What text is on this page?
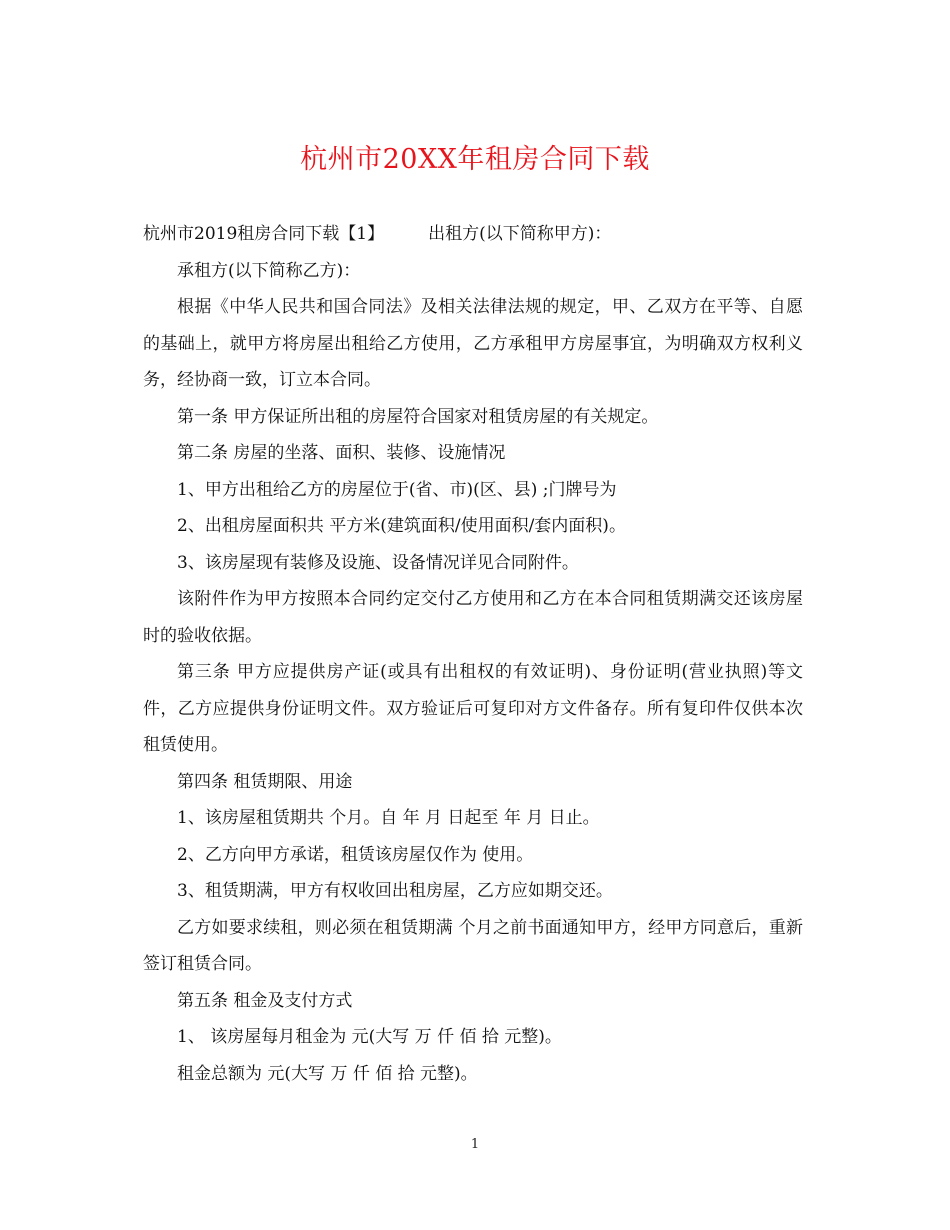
杭州市20XX年租房合同下载

杭州市2019租房合同下载【1】	出租方(以下简称甲方)：

承租方(以下简称乙方)：

根据《中华人民共和国合同法》及相关法律法规的规定，甲、乙双方在平等、自愿的基础上，就甲方将房屋出租给乙方使用，乙方承租甲方房屋事宜，为明确双方权利义务，经协商一致，订立本合同。

第一条 甲方保证所出租的房屋符合国家对租赁房屋的有关规定。

第二条 房屋的坐落、面积、装修、设施情况

1、甲方出租给乙方的房屋位于(省、市)(区、县) ;门牌号为

2、出租房屋面积共 平方米(建筑面积/使用面积/套内面积)。

3、该房屋现有装修及设施、设备情况详见合同附件。

该附件作为甲方按照本合同约定交付乙方使用和乙方在本合同租赁期满交还该房屋时的验收依据。

第三条 甲方应提供房产证(或具有出租权的有效证明)、身份证明(营业执照)等文件，乙方应提供身份证明文件。双方验证后可复印对方文件备存。所有复印件仅供本次租赁使用。

第四条 租赁期限、用途

1、该房屋租赁期共 个月。自 年 月 日起至 年 月 日止。

2、乙方向甲方承诺，租赁该房屋仅作为 使用。

3、租赁期满，甲方有权收回出租房屋，乙方应如期交还。

乙方如要求续租，则必须在租赁期满 个月之前书面通知甲方，经甲方同意后，重新签订租赁合同。

第五条 租金及支付方式

1、 该房屋每月租金为 元(大写 万 仟 佰 拾 元整)。

租金总额为 元(大写 万 仟 佰 拾 元整)。

1
